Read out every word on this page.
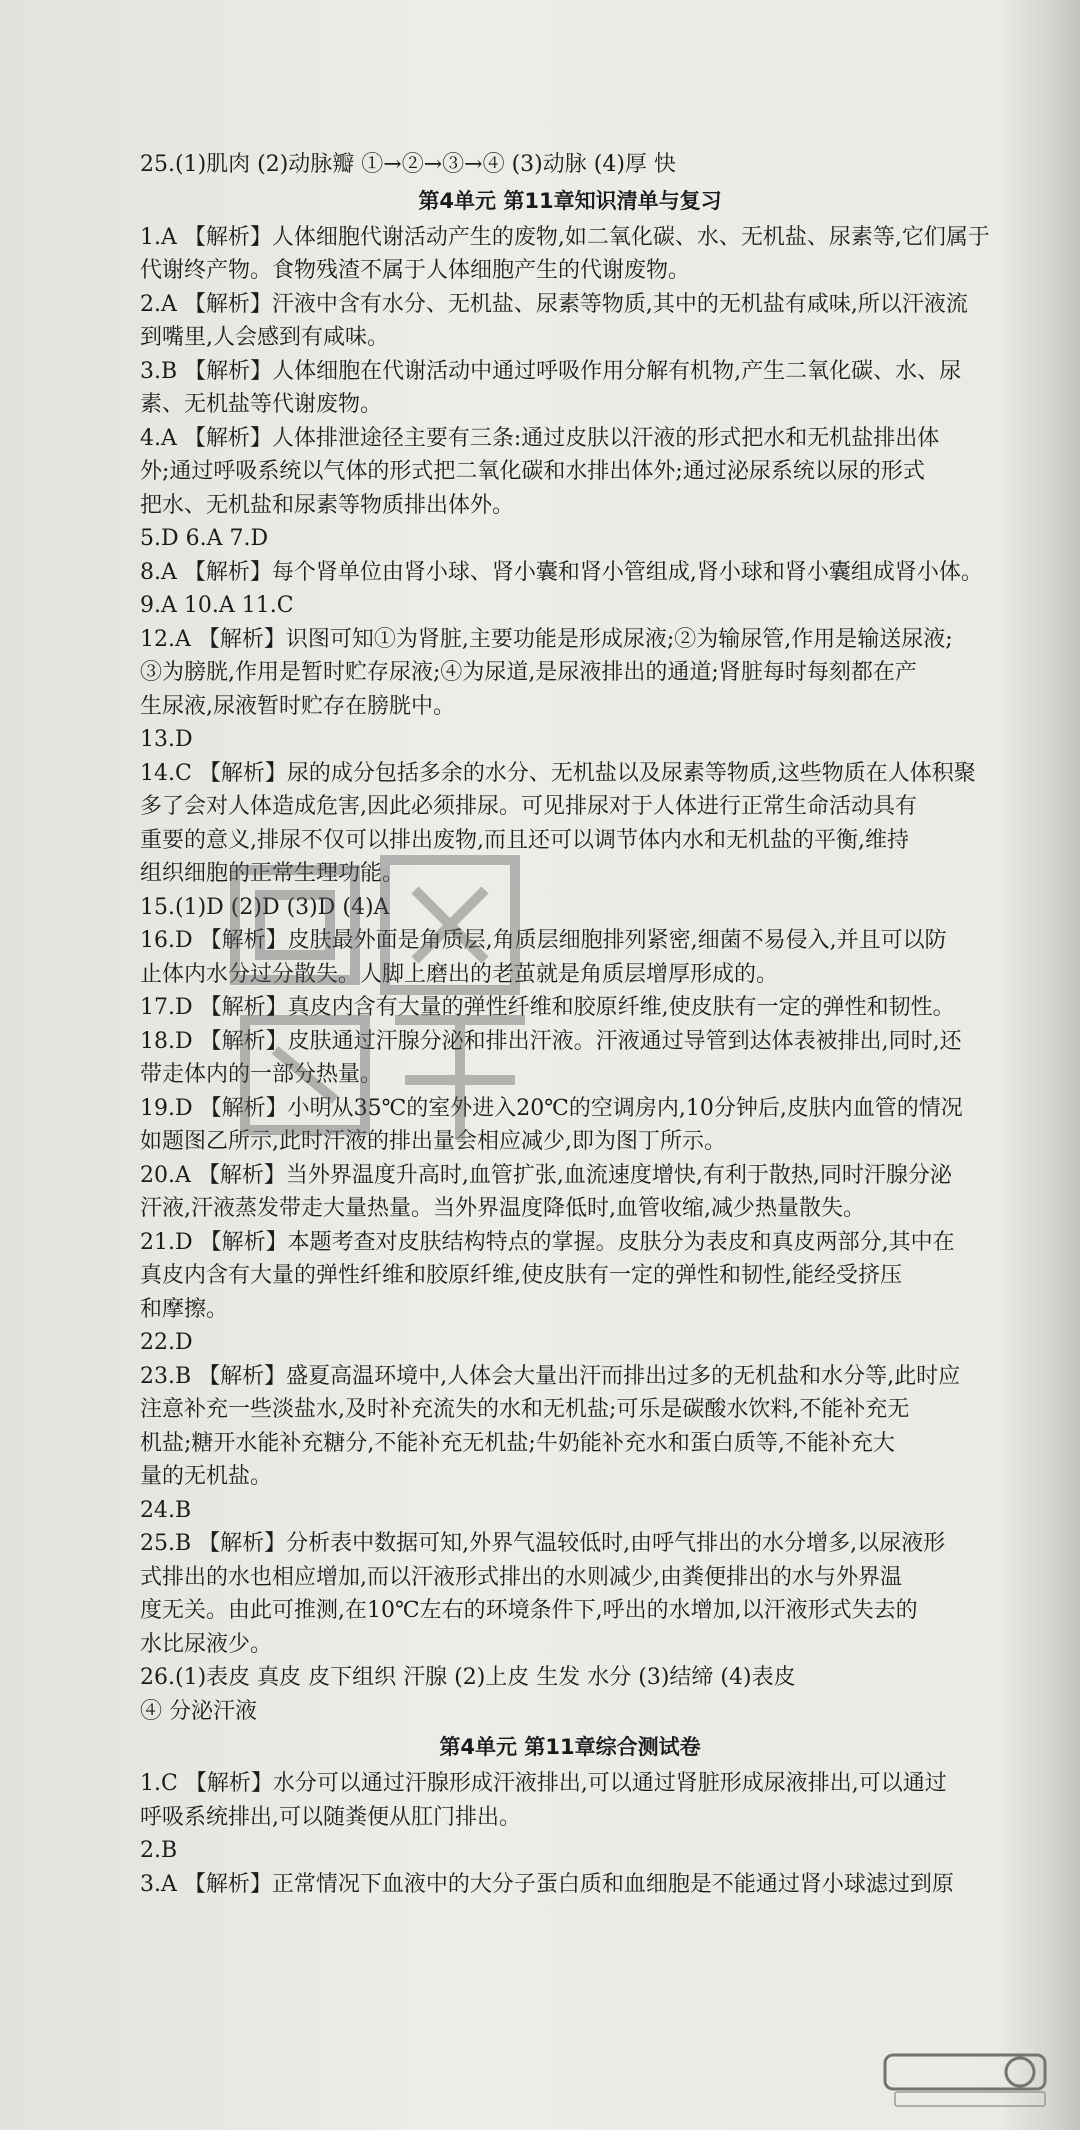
25.(1)肌肉 (2)动脉瓣 ①→②→③→④ (3)动脉 (4)厚 快

第4单元 第11章知识清单与复习

1.A 【解析】人体细胞代谢活动产生的废物,如二氧化碳、水、无机盐、尿素等,它们属于

代谢终产物。食物残渣不属于人体细胞产生的代谢废物。

2.A 【解析】汗液中含有水分、无机盐、尿素等物质,其中的无机盐有咸味,所以汗液流

到嘴里,人会感到有咸味。

3.B 【解析】人体细胞在代谢活动中通过呼吸作用分解有机物,产生二氧化碳、水、尿

素、无机盐等代谢废物。

4.A 【解析】人体排泄途径主要有三条:通过皮肤以汗液的形式把水和无机盐排出体

外;通过呼吸系统以气体的形式把二氧化碳和水排出体外;通过泌尿系统以尿的形式

把水、无机盐和尿素等物质排出体外。

5.D 6.A 7.D

8.A 【解析】每个肾单位由肾小球、肾小囊和肾小管组成,肾小球和肾小囊组成肾小体。

9.A 10.A 11.C

12.A 【解析】识图可知①为肾脏,主要功能是形成尿液;②为输尿管,作用是输送尿液;

③为膀胱,作用是暂时贮存尿液;④为尿道,是尿液排出的通道;肾脏每时每刻都在产

生尿液,尿液暂时贮存在膀胱中。

13.D

14.C 【解析】尿的成分包括多余的水分、无机盐以及尿素等物质,这些物质在人体积聚

多了会对人体造成危害,因此必须排尿。可见排尿对于人体进行正常生命活动具有

重要的意义,排尿不仅可以排出废物,而且还可以调节体内水和无机盐的平衡,维持

组织细胞的正常生理功能。

15.(1)D (2)D (3)D (4)A

16.D 【解析】皮肤最外面是角质层,角质层细胞排列紧密,细菌不易侵入,并且可以防

止体内水分过分散失。人脚上磨出的老茧就是角质层增厚形成的。

17.D 【解析】真皮内含有大量的弹性纤维和胶原纤维,使皮肤有一定的弹性和韧性。

18.D 【解析】皮肤通过汗腺分泌和排出汗液。汗液通过导管到达体表被排出,同时,还

带走体内的一部分热量。

19.D 【解析】小明从35℃的室外进入20℃的空调房内,10分钟后,皮肤内血管的情况

如题图乙所示,此时汗液的排出量会相应减少,即为图丁所示。

20.A 【解析】当外界温度升高时,血管扩张,血流速度增快,有利于散热,同时汗腺分泌

汗液,汗液蒸发带走大量热量。当外界温度降低时,血管收缩,减少热量散失。

21.D 【解析】本题考查对皮肤结构特点的掌握。皮肤分为表皮和真皮两部分,其中在

真皮内含有大量的弹性纤维和胶原纤维,使皮肤有一定的弹性和韧性,能经受挤压

和摩擦。

22.D

23.B 【解析】盛夏高温环境中,人体会大量出汗而排出过多的无机盐和水分等,此时应

注意补充一些淡盐水,及时补充流失的水和无机盐;可乐是碳酸水饮料,不能补充无

机盐;糖开水能补充糖分,不能补充无机盐;牛奶能补充水和蛋白质等,不能补充大

量的无机盐。

24.B

25.B 【解析】分析表中数据可知,外界气温较低时,由呼气排出的水分增多,以尿液形

式排出的水也相应增加,而以汗液形式排出的水则减少,由粪便排出的水与外界温

度无关。由此可推测,在10℃左右的环境条件下,呼出的水增加,以汗液形式失去的

水比尿液少。

26.(1)表皮 真皮 皮下组织 汗腺 (2)上皮 生发 水分 (3)结缔 (4)表皮

④ 分泌汗液

第4单元 第11章综合测试卷

1.C 【解析】水分可以通过汗腺形成汗液排出,可以通过肾脏形成尿液排出,可以通过

呼吸系统排出,可以随粪便从肛门排出。

2.B

3.A 【解析】正常情况下血液中的大分子蛋白质和血细胞是不能通过肾小球滤过到原
